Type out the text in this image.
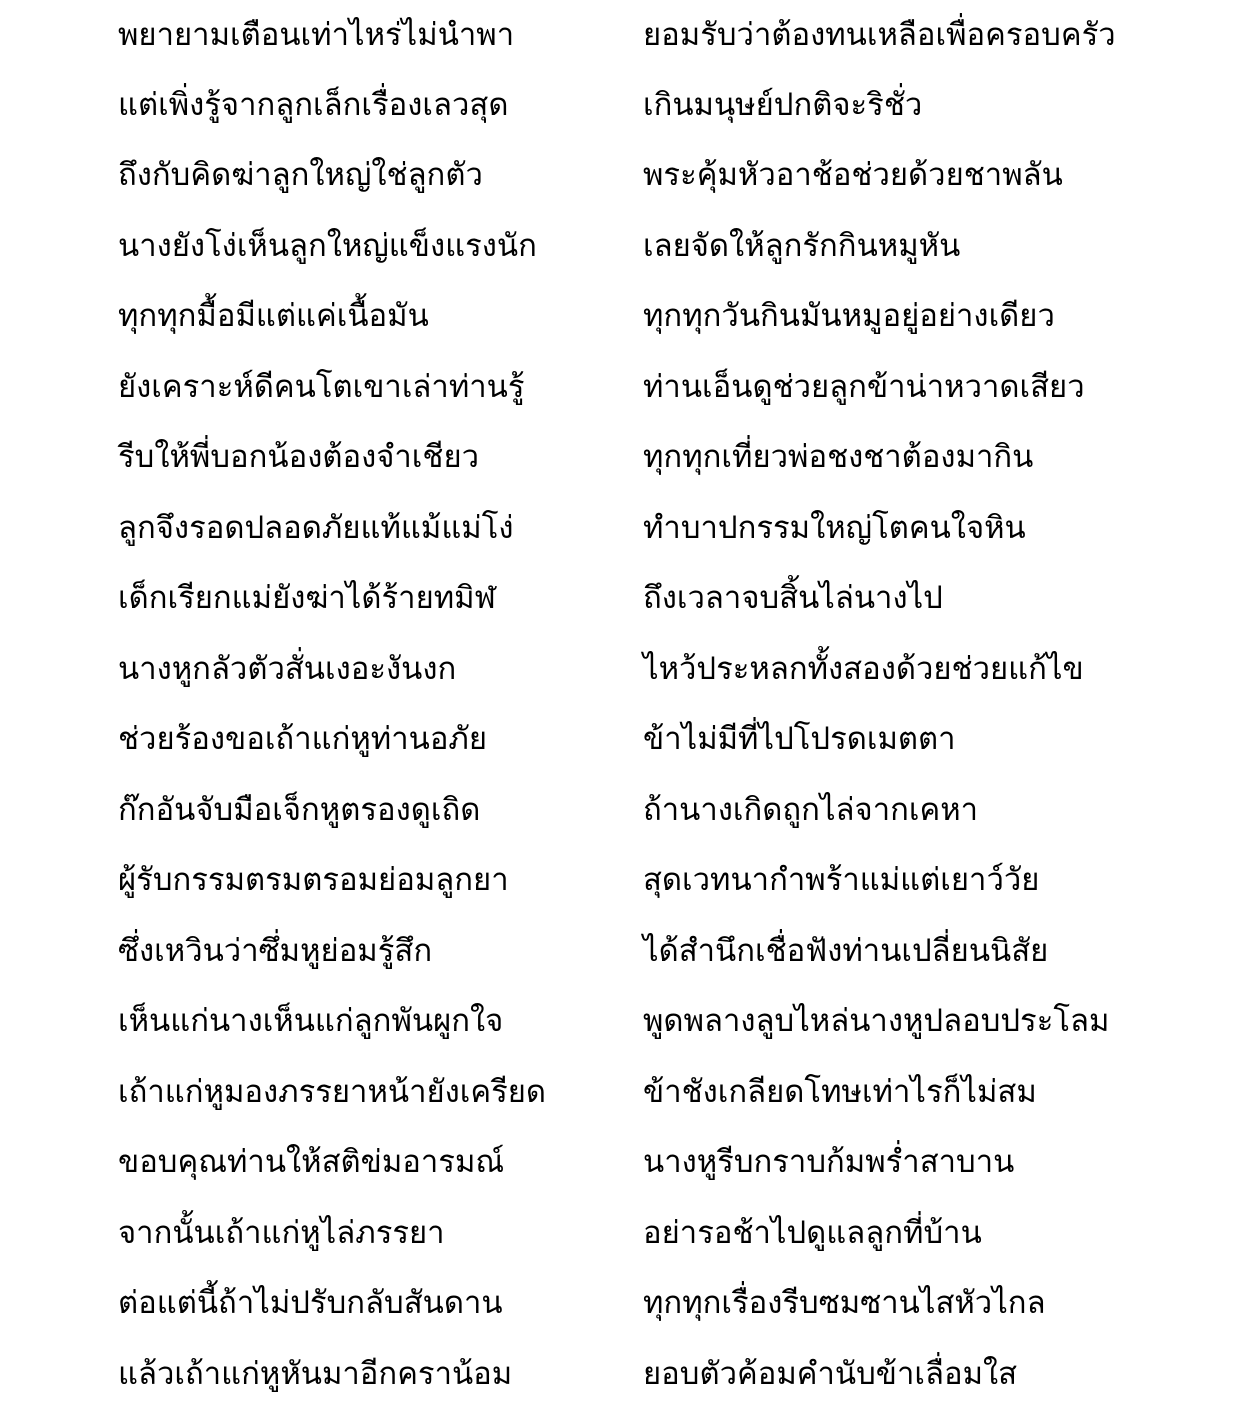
พยายามเตือนเท่าไหร่ไม่นำพา	ยอมรับว่าต้องทนเหลือเพื่อครอบครัว
แต่เพิ่งรู้จากลูกเล็กเรื่องเลวสุด	เกินมนุษย์ปกติจะริชั่ว
ถึงกับคิดฆ่าลูกใหญ่ใช่ลูกตัว	พระคุ้มหัวอาช้อช่วยด้วยชาพลัน
นางยังโง่เห็นลูกใหญ่แข็งแรงนัก	เลยจัดให้ลูกรักกินหมูหัน
ทุกทุกมื้อมีแต่แค่เนื้อมัน	ทุกทุกวันกินมันหมูอยู่อย่างเดียว
ยังเคราะห์ดีคนโตเขาเล่าท่านรู้	ท่านเอ็นดูช่วยลูกข้าน่าหวาดเสียว
รีบให้พี่บอกน้องต้องจำเชียว	ทุกทุกเที่ยวพ่อชงชาต้องมากิน
ลูกจึงรอดปลอดภัยแท้แม้แม่โง่	ทำบาปกรรมใหญ่โตคนใจหิน
เด็กเรียกแม่ยังฆ่าได้ร้ายทมิฬ	ถึงเวลาจบสิ้นไล่นางไป
นางหูกลัวตัวสั่นเงอะงันงก	ไหว้ประหลกทั้งสองด้วยช่วยแก้ไข
ช่วยร้องขอเถ้าแก่หูท่านอภัย	ข้าไม่มีที่ไปโปรดเมตตา
ก๊กอันจับมือเจ็กหูตรองดูเถิด	ถ้านางเกิดถูกไล่จากเคหา
ผู้รับกรรมตรมตรอมย่อมลูกยา	สุดเวทนากำพร้าแม่แต่เยาว์วัย
ซึ่งเหวินว่าซึ่มหูย่อมรู้สึก	ได้สำนึกเชื่อฟังท่านเปลี่ยนนิสัย
เห็นแก่นางเห็นแก่ลูกพันผูกใจ	พูดพลางลูบไหล่นางหูปลอบประโลม
เถ้าแก่หูมองภรรยาหน้ายังเครียด	ข้าชังเกลียดโทษเท่าไรก็ไม่สม
ขอบคุณท่านให้สติข่มอารมณ์	นางหูรีบกราบก้มพร่ำสาบาน
จากนั้นเถ้าแก่หูไล่ภรรยา	อย่ารอช้าไปดูแลลูกที่บ้าน
ต่อแต่นี้ถ้าไม่ปรับกลับสันดาน	ทุกทุกเรื่องรีบซมซานไสหัวไกล
แล้วเถ้าแก่หูหันมาอีกคราน้อม	ยอบตัวค้อมคำนับข้าเลื่อมใส
